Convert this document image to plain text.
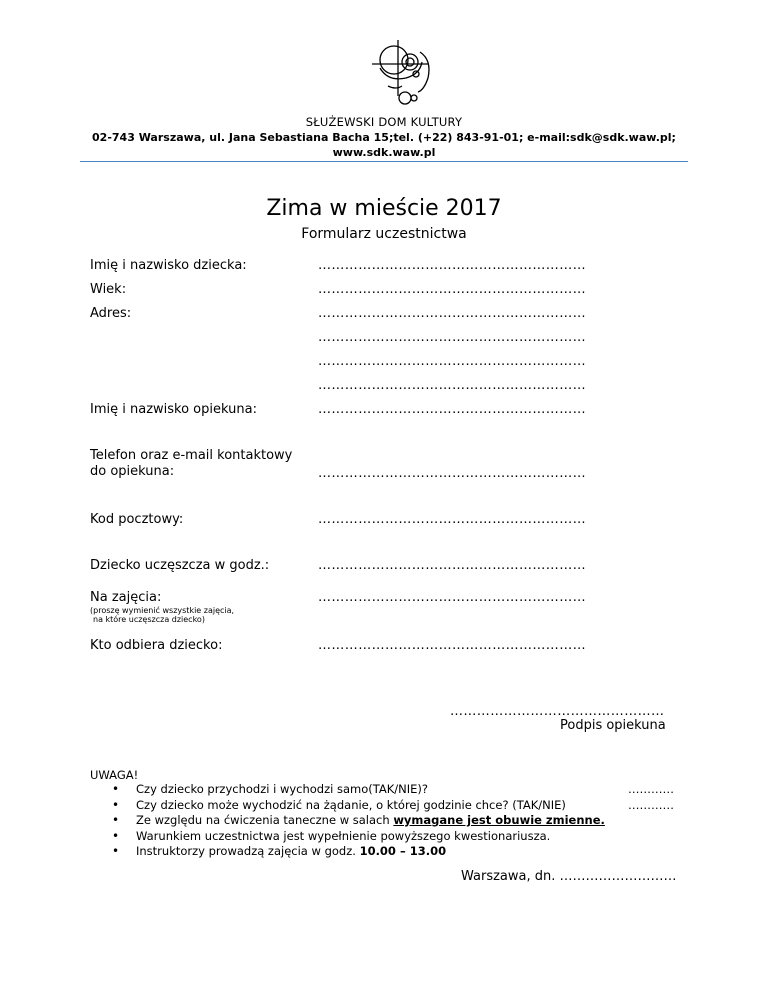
SŁUŻEWSKI DOM KULTURY
02-743 Warszawa, ul. Jana Sebastiana Bacha 15;tel. (+22) 843-91-01; e-mail:sdk@sdk.waw.pl;
www.sdk.waw.pl
Zima w mieście 2017
Formularz uczestnictwa
Imię i nazwisko dziecka:	……………………………………………………
Wiek:	……………………………………………………
Adres:	……………………………………………………
……………………………………………………
……………………………………………………
……………………………………………………
Imię i nazwisko opiekuna:	……………………………………………………
Telefon oraz e-mail kontaktowy
do opiekuna:	……………………………………………………
Kod pocztowy:	……………………………………………………
Dziecko uczęszcza w godz.:	……………………………………………………
Na zajęcia:
(proszę wymienić wszystkie zajęcia,
na które uczęszcza dziecko)
……………………………………………………
Kto odbiera dziecko:	……………………………………………………
…………………………………………
Podpis opiekuna
UWAGA!
• Czy dziecko przychodzi i wychodzi samo(TAK/NIE)?	…………
• Czy dziecko może wychodzić na żądanie, o której godzinie chce? (TAK/NIE)	…………
• Ze względu na ćwiczenia taneczne w salach wymagane jest obuwie zmienne.
• Warunkiem uczestnictwa jest wypełnienie powyższego kwestionariusza.
• Instruktorzy prowadzą zajęcia w godz. 10.00 – 13.00
Warszawa, dn. ………………………
